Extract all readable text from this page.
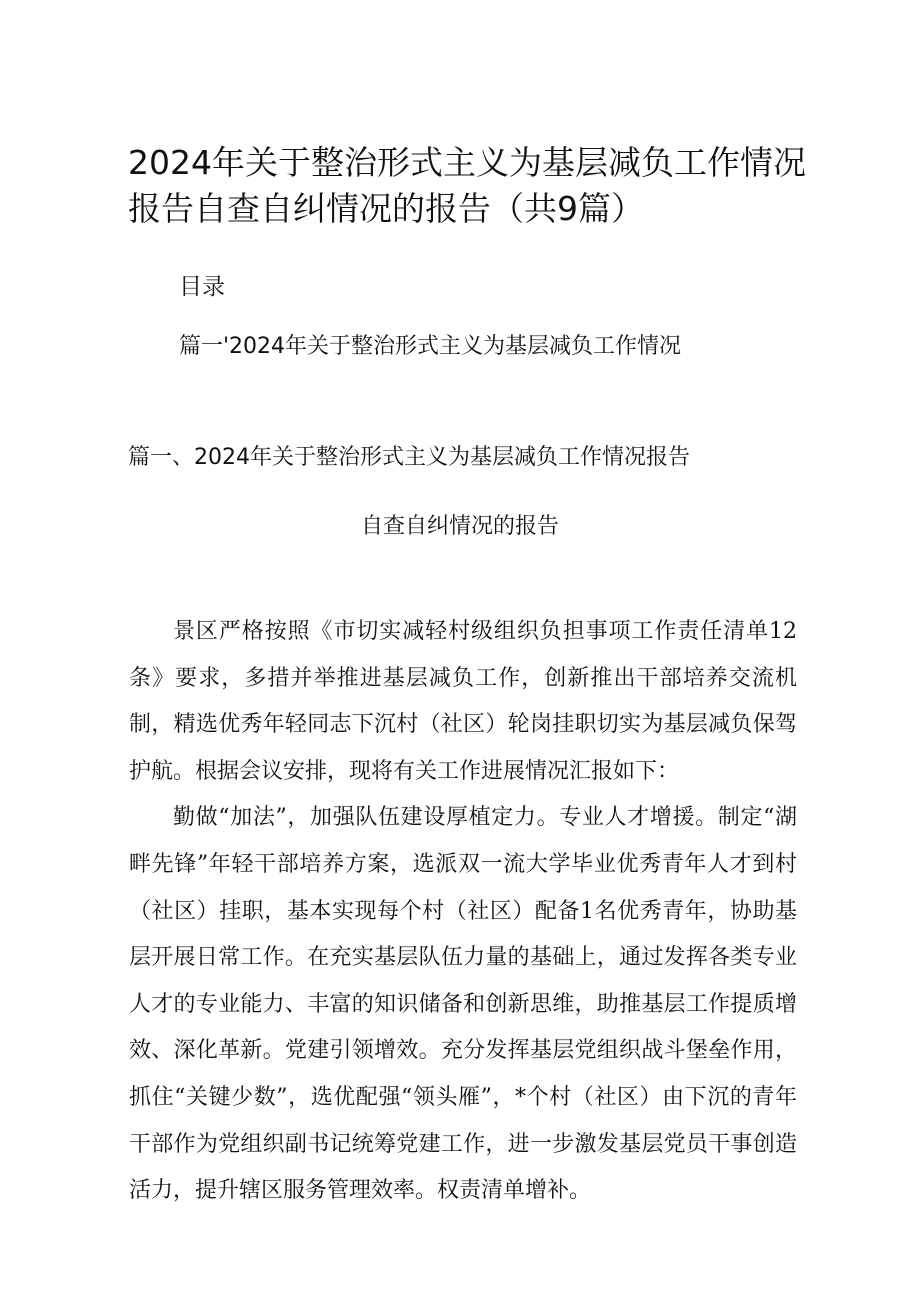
2024年关于整治形式主义为基层减负工作情况
报告自查自纠情况的报告（共9篇）
目录
篇一'2024年关于整治形式主义为基层减负工作情况
篇一、2024年关于整治形式主义为基层减负工作情况报告
自查自纠情况的报告

景区严格按照《市切实减轻村级组织负担事项工作责任清单12条》要求，多措并举推进基层减负工作，创新推出干部培养交流机制，精选优秀年轻同志下沉村（社区）轮岗挂职切实为基层减负保驾护航。根据会议安排，现将有关工作进展情况汇报如下：

勤做“加法”，加强队伍建设厚植定力。专业人才增援。制定“湖畔先锋”年轻干部培养方案，选派双一流大学毕业优秀青年人才到村（社区）挂职，基本实现每个村（社区）配备1名优秀青年，协助基层开展日常工作。在充实基层队伍力量的基础上，通过发挥各类专业人才的专业能力、丰富的知识储备和创新思维，助推基层工作提质增效、深化革新。党建引领增效。充分发挥基层党组织战斗堡垒作用，抓住“关键少数”，选优配强“领头雁”，*个村（社区）由下沉的青年干部作为党组织副书记统筹党建工作，进一步激发基层党员干事创造活力，提升辖区服务管理效率。权责清单增补。
